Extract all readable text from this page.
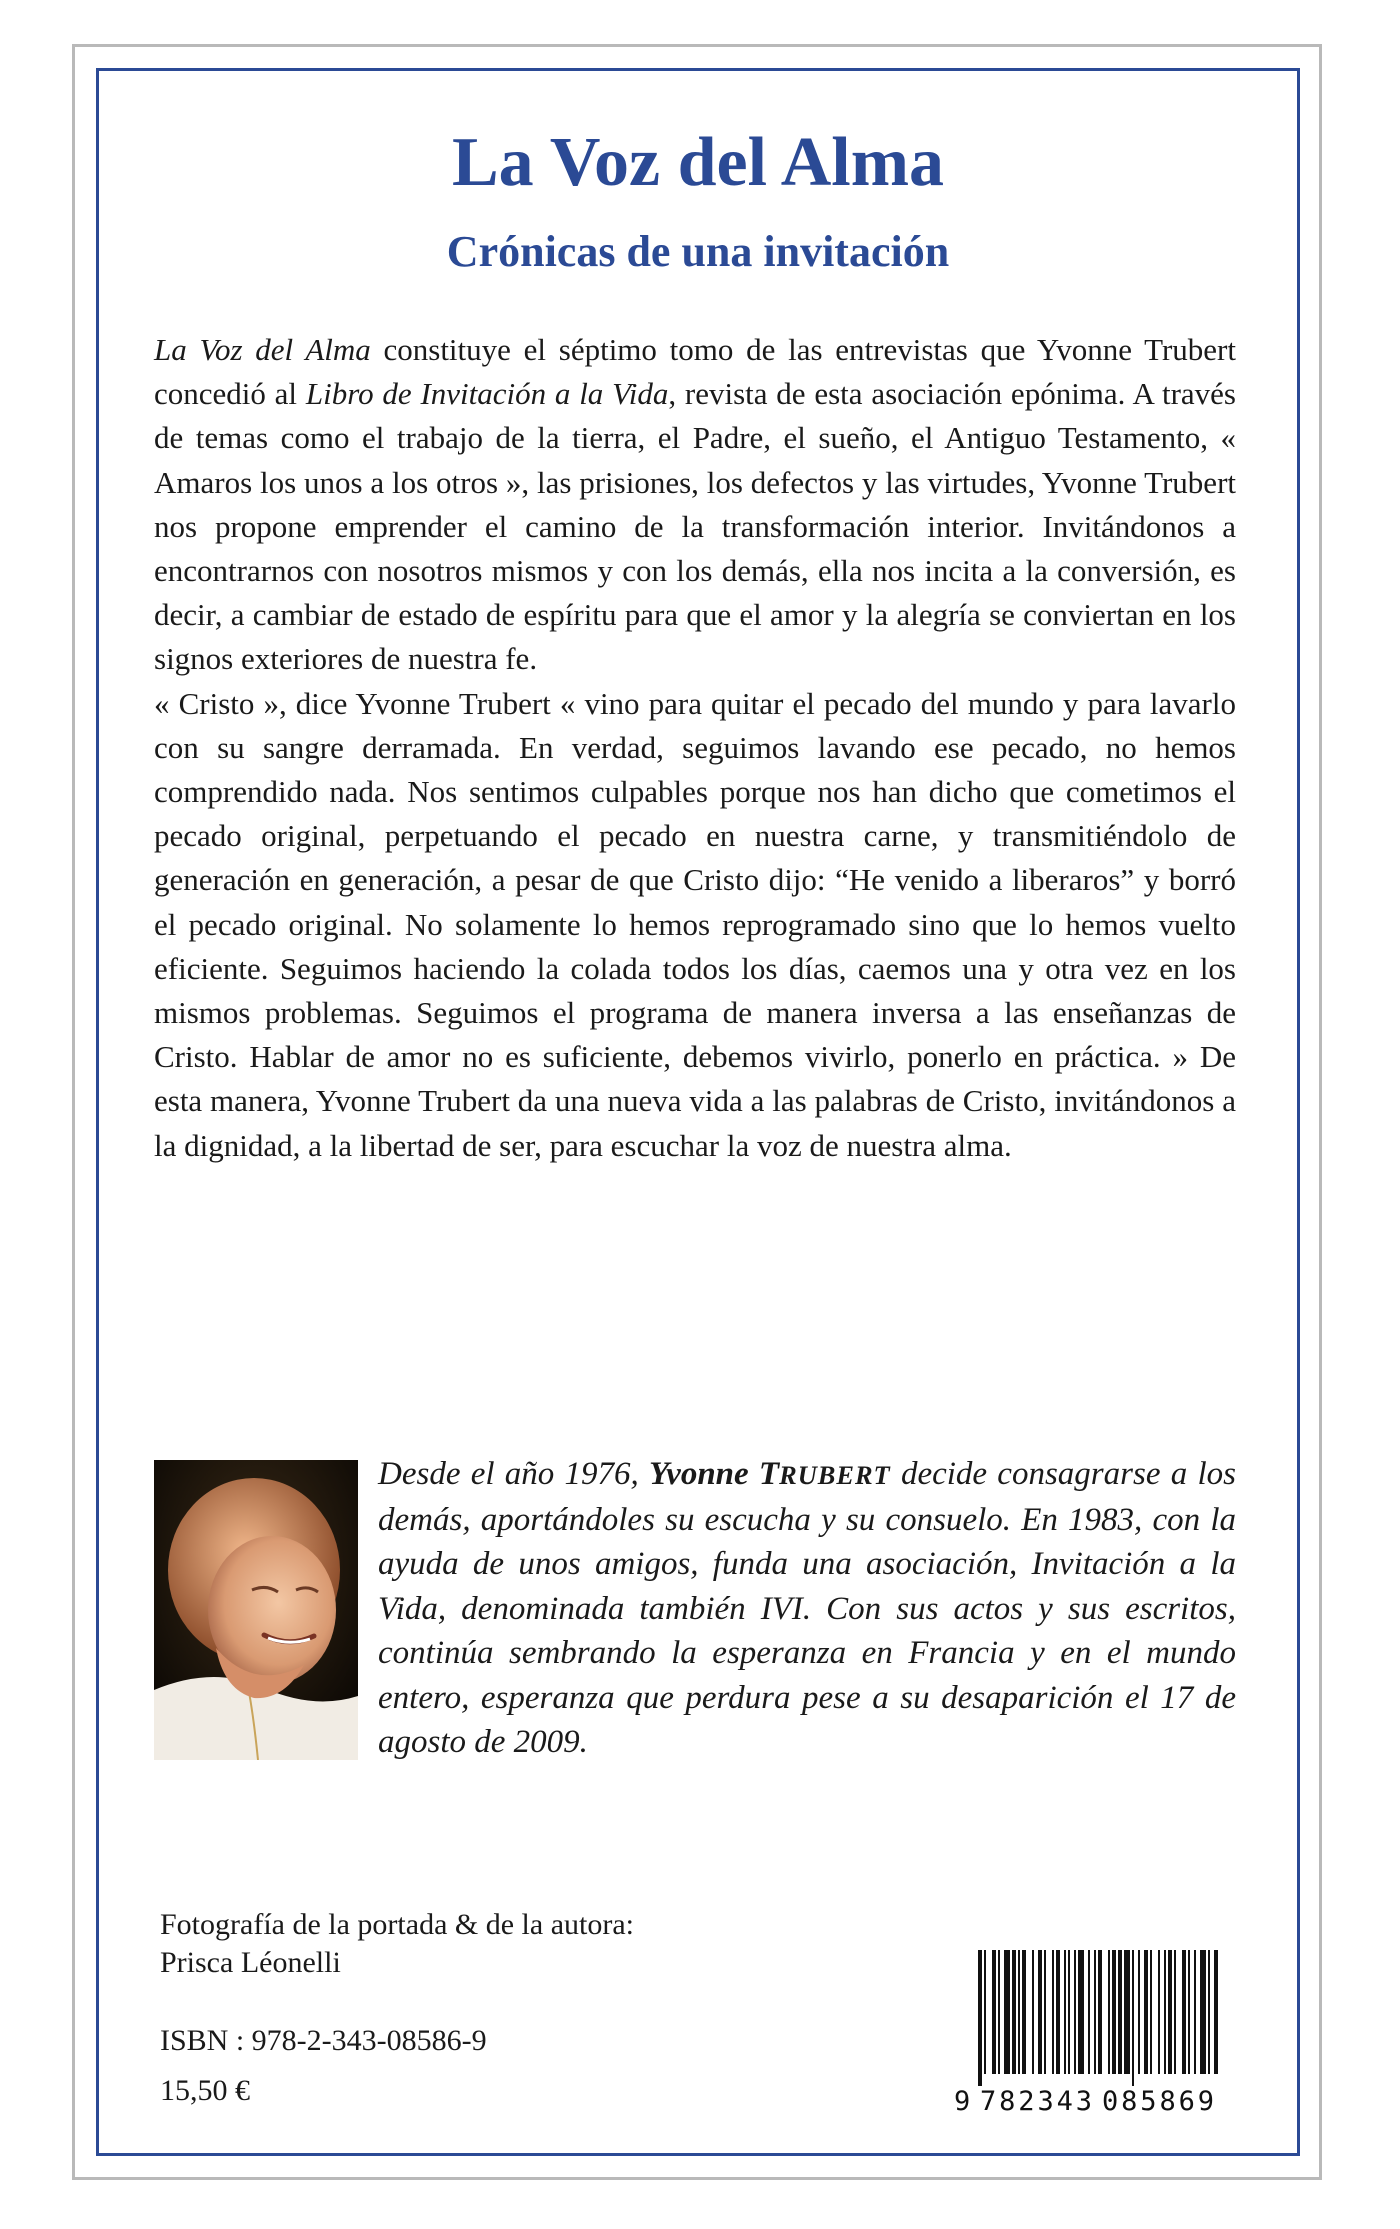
La Voz del Alma
Crónicas de una invitación

La Voz del Alma constituye el séptimo tomo de las entrevistas que Yvonne Trubert concedió al Libro de Invitación a la Vida, revista de esta asociación epónima. A través de temas como el trabajo de la tierra, el Padre, el sueño, el Antiguo Testamento, « Amaros los unos a los otros », las prisiones, los defectos y las virtudes, Yvonne Trubert nos propone emprender el camino de la transformación interior. Invitándonos a encontrarnos con nosotros mismos y con los demás, ella nos incita a la conversión, es decir, a cambiar de estado de espíritu para que el amor y la alegría se conviertan en los signos exteriores de nuestra fe.

« Cristo », dice Yvonne Trubert « vino para quitar el pecado del mundo y para lavarlo con su sangre derramada. En verdad, seguimos lavando ese pecado, no hemos comprendido nada. Nos sentimos culpables porque nos han dicho que cometimos el pecado original, perpetuando el pecado en nuestra carne, y transmitiéndolo de generación en generación, a pesar de que Cristo dijo: “He venido a liberaros” y borró el pecado original. No solamente lo hemos reprogramado sino que lo hemos vuelto eficiente. Seguimos haciendo la colada todos los días, caemos una y otra vez en los mismos problemas. Seguimos el programa de manera inversa a las enseñanzas de Cristo. Hablar de amor no es suficiente, debemos vivirlo, ponerlo en práctica. » De esta manera, Yvonne Trubert da una nueva vida a las palabras de Cristo, invitándonos a la dignidad, a la libertad de ser, para escuchar la voz de nuestra alma.

Desde el año 1976, Yvonne TRUBERT decide consagrarse a los demás, aportándoles su escucha y su consuelo. En 1983, con la ayuda de unos amigos, funda una asociación, Invitación a la Vida, denominada también IVI. Con sus actos y sus escritos, continúa sembrando la esperanza en Francia y en el mundo entero, esperanza que perdura pese a su desaparición el 17 de agosto de 2009.

Fotografía de la portada & de la autora:
Prisca Léonelli

ISBN : 978-2-343-08586-9

15,50 €	9 782343 085869
